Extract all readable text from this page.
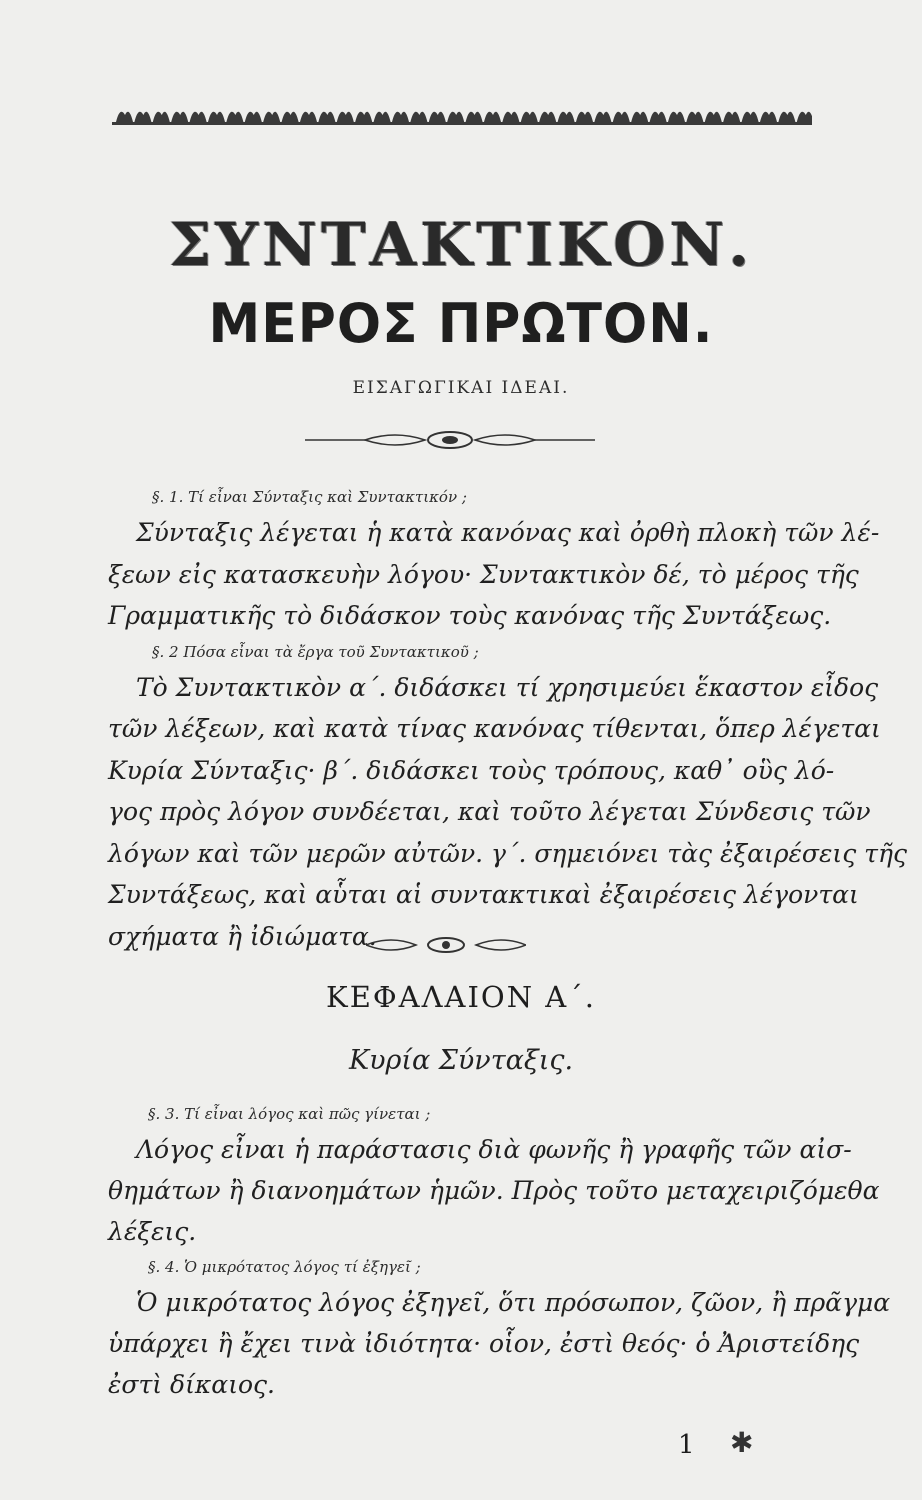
ΣΥΝΤΑΚΤΙΚΟΝ.
ΜΕΡΟΣ ΠΡΩΤΟΝ.
ΕΙΣΑΓΩΓΙΚΑΙ ΙΔΕΑΙ.
§. 1. Τί εἶναι Σύνταξις καὶ Συντακτικόν ;
Σύνταξις λέγεται ἡ κατὰ κανόνας καὶ ὀρθὴ πλοκὴ τῶν λέ-
ξεων εἰς κατασκευὴν λόγου· Συντακτικὸν δέ, τὸ μέρος τῆς
Γραμματικῆς τὸ διδάσκον τοὺς κανόνας τῆς Συντάξεως.
§. 2 Πόσα εἶναι τὰ ἔργα τοῦ Συντακτικοῦ ;
Τὸ Συντακτικὸν α΄. διδάσκει τί χρησιμεύει ἕκαστον εἶδος
τῶν λέξεων, καὶ κατὰ τίνας κανόνας τίθενται, ὅπερ λέγεται
Κυρία Σύνταξις· β΄. διδάσκει τοὺς τρόπους, καθ᾽ οὓς λό-
γος πρὸς λόγον συνδέεται, καὶ τοῦτο λέγεται Σύνδεσις τῶν
λόγων καὶ τῶν μερῶν αὐτῶν. γ΄. σημειόνει τὰς ἐξαιρέσεις τῆς
Συντάξεως, καὶ αὗται αἱ συντακτικαὶ ἐξαιρέσεις λέγονται
σχήματα ἢ ἰδιώματα.
ΚΕΦΑΛΑΙΟΝ Α΄.
Κυρία Σύνταξις.
§. 3. Τί εἶναι λόγος καὶ πῶς γίνεται ;
Λόγος εἶναι ἡ παράστασις διὰ φωνῆς ἢ γραφῆς τῶν αἰσ-
θημάτων ἢ διανοημάτων ἡμῶν. Πρὸς τοῦτο μεταχειριζόμεθα
λέξεις.
§. 4. Ὁ μικρότατος λόγος τί ἐξηγεῖ ;
Ὁ μικρότατος λόγος ἐξηγεῖ, ὅτι πρόσωπον, ζῶον, ἢ πρᾶγμα
ὑπάρχει ἢ ἔχει τινὰ ἰδιότητα· οἷον, ἐστὶ θεός· ὁ Ἀριστείδης
ἐστὶ δίκαιος.
1 ✱
